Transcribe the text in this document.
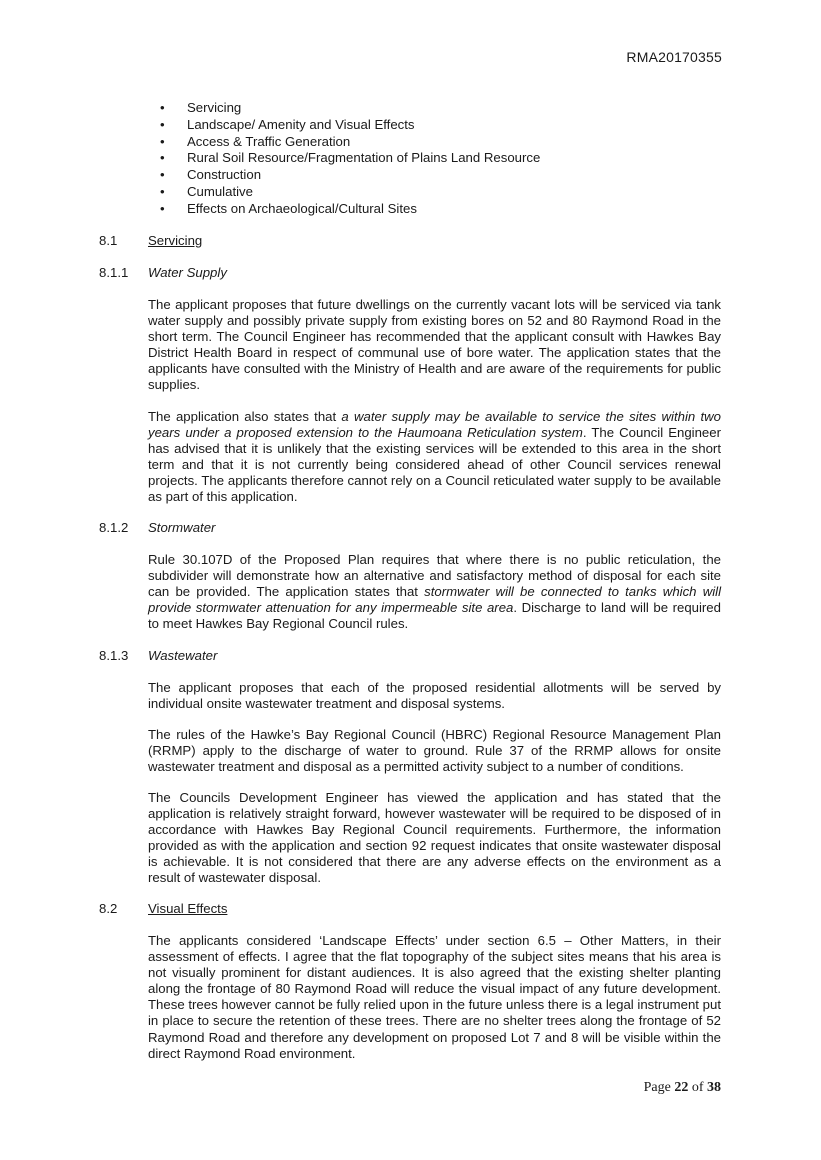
RMA20170355
• Servicing
• Landscape/ Amenity and Visual Effects
• Access & Traffic Generation
• Rural Soil Resource/Fragmentation of Plains Land Resource
• Construction
• Cumulative
• Effects on Archaeological/Cultural Sites
8.1 Servicing
8.1.1 Water Supply

The applicant proposes that future dwellings on the currently vacant lots will be serviced via tank water supply and possibly private supply from existing bores on 52 and 80 Raymond Road in the short term. The Council Engineer has recommended that the applicant consult with Hawkes Bay District Health Board in respect of communal use of bore water. The application states that the applicants have consulted with the Ministry of Health and are aware of the requirements for public supplies.

The application also states that a water supply may be available to service the sites within two years under a proposed extension to the Haumoana Reticulation system. The Council Engineer has advised that it is unlikely that the existing services will be extended to this area in the short term and that it is not currently being considered ahead of other Council services renewal projects. The applicants therefore cannot rely on a Council reticulated water supply to be available as part of this application.

8.1.2 Stormwater

Rule 30.107D of the Proposed Plan requires that where there is no public reticulation, the subdivider will demonstrate how an alternative and satisfactory method of disposal for each site can be provided. The application states that stormwater will be connected to tanks which will provide stormwater attenuation for any impermeable site area. Discharge to land will be required to meet Hawkes Bay Regional Council rules.

8.1.3 Wastewater

The applicant proposes that each of the proposed residential allotments will be served by individual onsite wastewater treatment and disposal systems.

The rules of the Hawke’s Bay Regional Council (HBRC) Regional Resource Management Plan (RRMP) apply to the discharge of water to ground. Rule 37 of the RRMP allows for onsite wastewater treatment and disposal as a permitted activity subject to a number of conditions.

The Councils Development Engineer has viewed the application and has stated that the application is relatively straight forward, however wastewater will be required to be disposed of in accordance with Hawkes Bay Regional Council requirements. Furthermore, the information provided as with the application and section 92 request indicates that onsite wastewater disposal is achievable. It is not considered that there are any adverse effects on the environment as a result of wastewater disposal.

8.2 Visual Effects

The applicants considered ‘Landscape Effects’ under section 6.5 – Other Matters, in their assessment of effects. I agree that the flat topography of the subject sites means that his area is not visually prominent for distant audiences. It is also agreed that the existing shelter planting along the frontage of 80 Raymond Road will reduce the visual impact of any future development. These trees however cannot be fully relied upon in the future unless there is a legal instrument put in place to secure the retention of these trees. There are no shelter trees along the frontage of 52 Raymond Road and therefore any development on proposed Lot 7 and 8 will be visible within the direct Raymond Road environment.

Page 22 of 38
